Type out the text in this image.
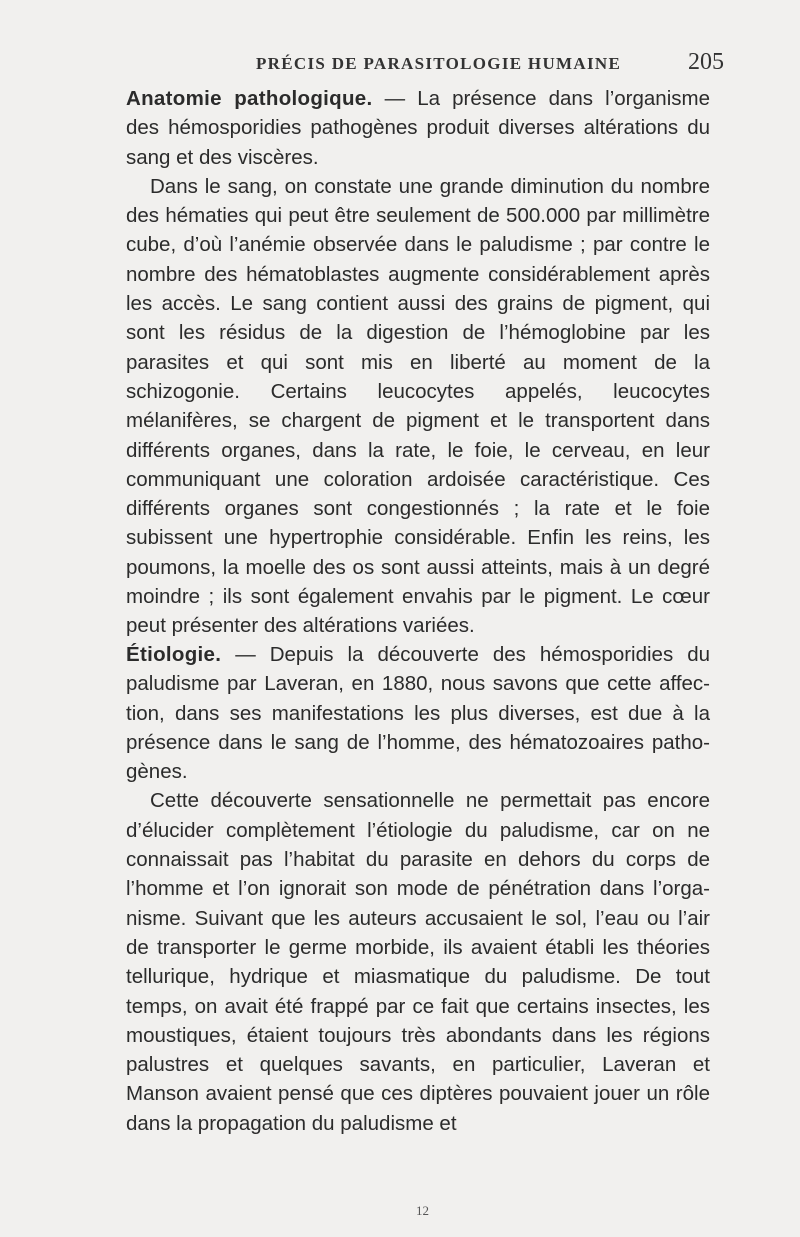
PRÉCIS DE PARASITOLOGIE HUMAINE	205

Anatomie pathologique. — La présence dans l’organisme des hémosporidies pathogènes produit diverses altérations du sang et des viscères.

Dans le sang, on constate une grande diminution du nombre des hématies qui peut être seulement de 500.000 par millimètre cube, d’où l’anémie observée dans le paludisme ; par contre le nombre des hématoblastes augmente considérablement après les accès. Le sang contient aussi des grains de pigment, qui sont les résidus de la digestion de l’hémoglobine par les parasites et qui sont mis en liberté au moment de la schizogonie. Certains leucocytes appelés, leucocytes mélanifères, se chargent de pigment et le transportent dans différents organes, dans la rate, le foie, le cerveau, en leur communiquant une coloration ardoisée caractéristique. Ces différents organes sont congestionnés ; la rate et le foie subissent une hypertrophie considérable. Enfin les reins, les poumons, la moelle des os sont aussi atteints, mais à un degré moindre ; ils sont également envahis par le pigment. Le cœur peut présenter des altérations variées.

Étiologie. — Depuis la découverte des hémosporidies du paludisme par Laveran, en 1880, nous savons que cette affection, dans ses manifestations les plus diverses, est due à la présence dans le sang de l’homme, des hématozoaires pathogènes.

Cette découverte sensationnelle ne permettait pas encore d’élucider complètement l’étiologie du paludisme, car on ne connaissait pas l’habitat du parasite en dehors du corps de l’homme et l’on ignorait son mode de pénétration dans l’organisme. Suivant que les auteurs accusaient le sol, l’eau ou l’air de transporter le germe morbide, ils avaient établi les théories tellurique, hydrique et miasmatique du paludisme. De tout temps, on avait été frappé par ce fait que certains insectes, les moustiques, étaient toujours très abondants dans les régions palustres et quelques savants, en particulier, Laveran et Manson avaient pensé que ces diptères pouvaient jouer un rôle dans la propagation du paludisme et

12
